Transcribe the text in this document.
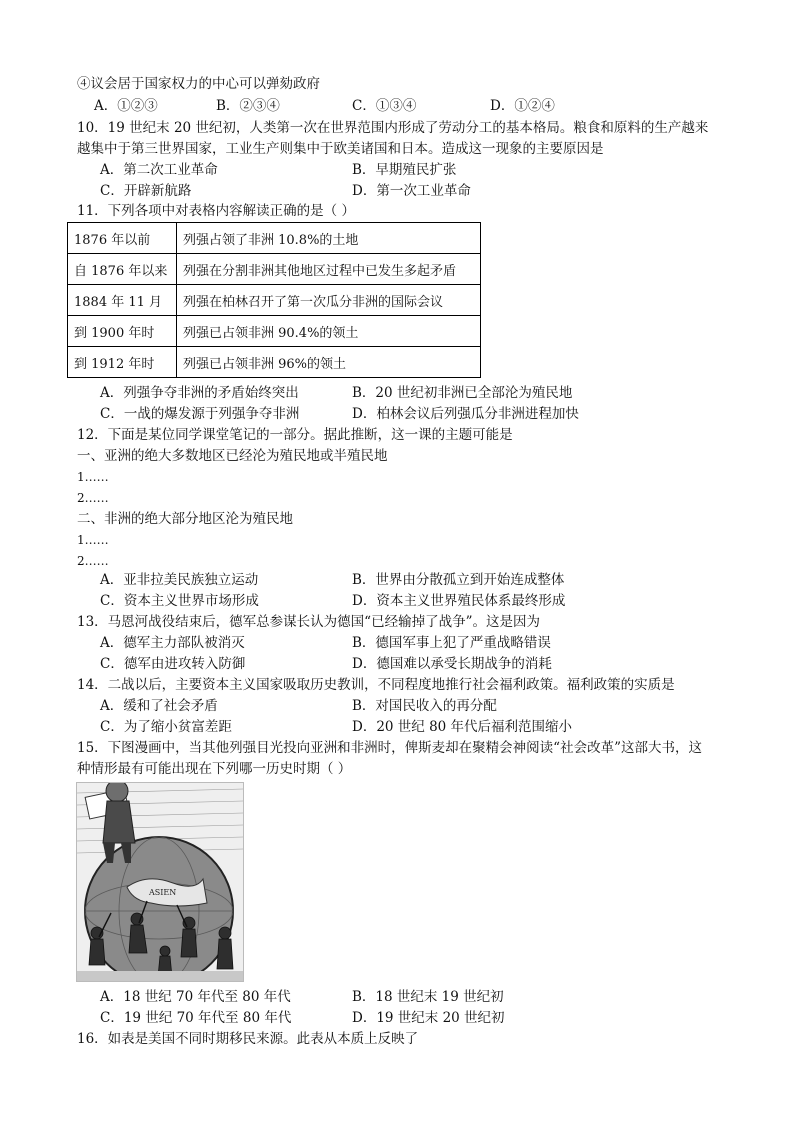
④议会居于国家权力的中心可以弹劾政府
A．①②③	B．②③④	C．①③④	D．①②④
10．19 世纪末 20 世纪初，人类第一次在世界范围内形成了劳动分工的基本格局。粮食和原料的生产越来
越集中于第三世界国家，工业生产则集中于欧美诸国和日本。造成这一现象的主要原因是
A．第二次工业革命	B．早期殖民扩张
C．开辟新航路	D．第一次工业革命
11．下列各项中对表格内容解读正确的是（ ）
1876 年以前	列强占领了非洲 10.8%的土地
自 1876 年以来	列强在分割非洲其他地区过程中已发生多起矛盾
1884 年 11 月	列强在柏林召开了第一次瓜分非洲的国际会议
到 1900 年时	列强已占领非洲 90.4%的领土
到 1912 年时	列强已占领非洲 96%的领土
A．列强争夺非洲的矛盾始终突出	B．20 世纪初非洲已全部沦为殖民地
C．一战的爆发源于列强争夺非洲	D．柏林会议后列强瓜分非洲进程加快
12．下面是某位同学课堂笔记的一部分。据此推断，这一课的主题可能是
一、亚洲的绝大多数地区已经沦为殖民地或半殖民地
1……
2……
二、非洲的绝大部分地区沦为殖民地
1……
2……
A．亚非拉美民族独立运动	B．世界由分散孤立到开始连成整体
C．资本主义世界市场形成	D．资本主义世界殖民体系最终形成
13．马恩河战役结束后，德军总参谋长认为德国“已经输掉了战争”。这是因为
A．德军主力部队被消灭	B．德国军事上犯了严重战略错误
C．德军由进攻转入防御	D．德国难以承受长期战争的消耗
14．二战以后，主要资本主义国家吸取历史教训，不同程度地推行社会福利政策。福利政策的实质是
A．缓和了社会矛盾	B．对国民收入的再分配
C．为了缩小贫富差距	D．20 世纪 80 年代后福利范围缩小
15．下图漫画中，当其他列强目光投向亚洲和非洲时，俾斯麦却在聚精会神阅读“社会改革”这部大书，这
种情形最有可能出现在下列哪一历史时期（ ）
ASIEN
A．18 世纪 70 年代至 80 年代	B．18 世纪末 19 世纪初
C．19 世纪 70 年代至 80 年代	D．19 世纪末 20 世纪初
16．如表是美国不同时期移民来源。此表从本质上反映了
